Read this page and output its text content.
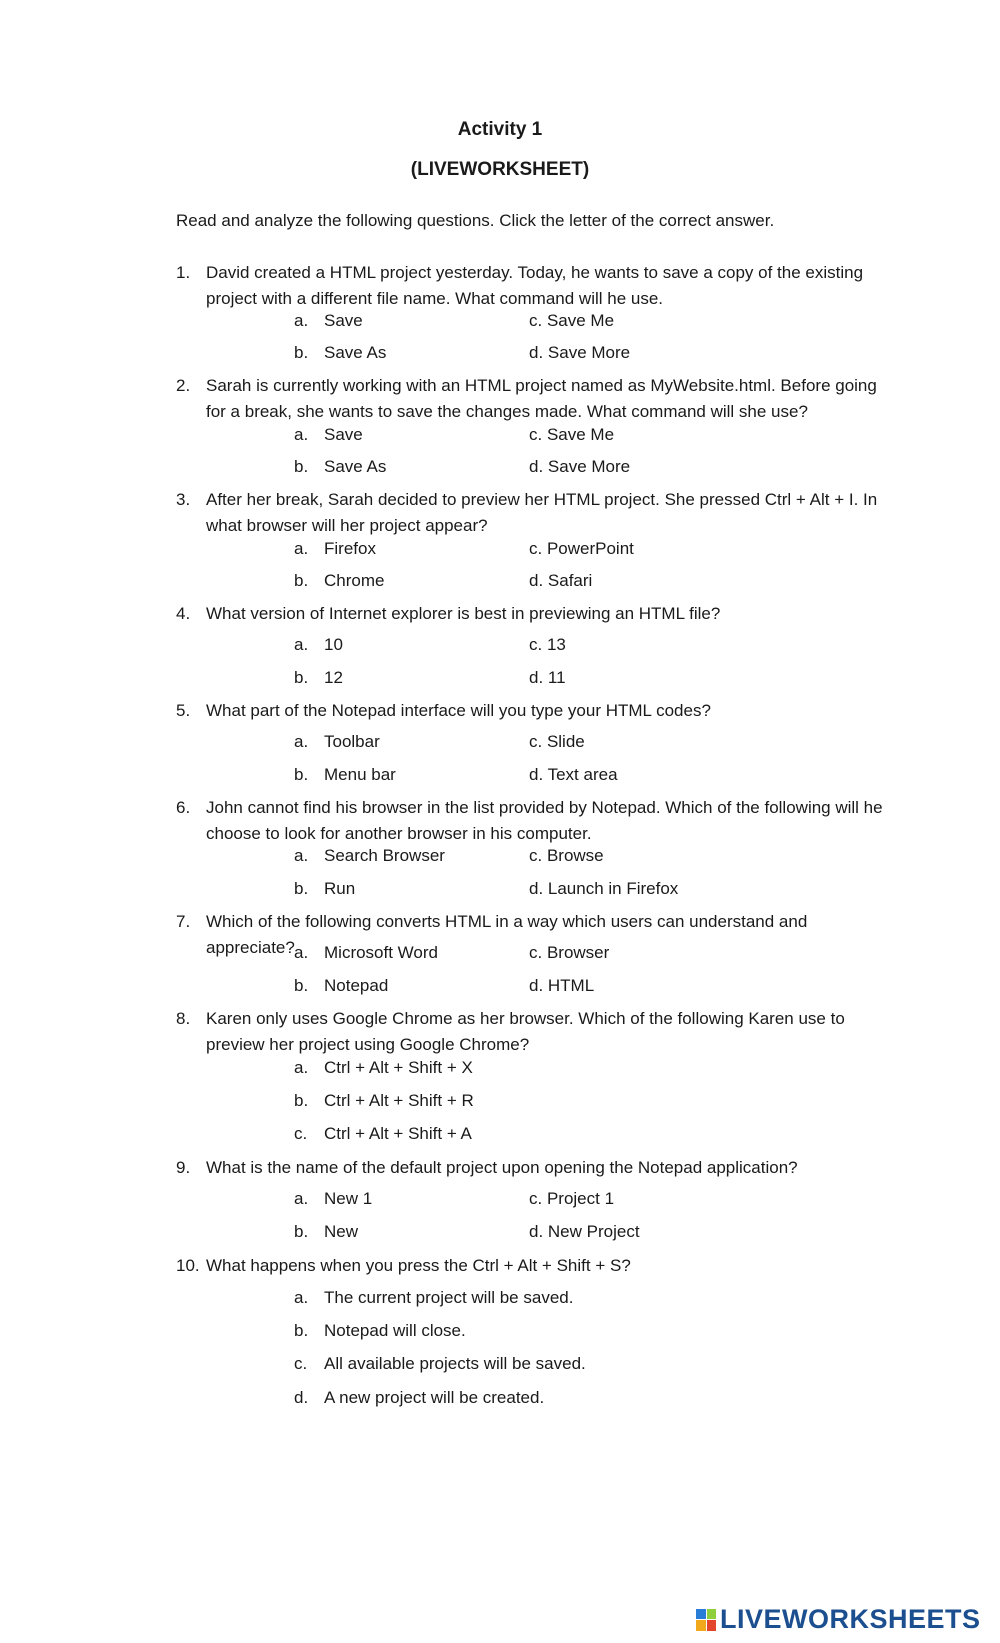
Activity 1
(LIVEWORKSHEET)
Read and analyze the following questions. Click the letter of the correct answer.
1. David created a HTML project yesterday. Today, he wants to save a copy of the existing project with a different file name. What command will he use.
a. Save	c. Save Me
b. Save As	d. Save More
2. Sarah is currently working with an HTML project named as MyWebsite.html. Before going for a break, she wants to save the changes made. What command will she use?
a. Save	c. Save Me
b. Save As	d. Save More
3. After her break, Sarah decided to preview her HTML project. She pressed Ctrl + Alt + I. In what browser will her project appear?
a. Firefox	c. PowerPoint
b. Chrome	d. Safari
4. What version of Internet explorer is best in previewing an HTML file?
a. 10	c. 13
b. 12	d. 11
5. What part of the Notepad interface will you type your HTML codes?
a. Toolbar	c. Slide
b. Menu bar	d. Text area
6. John cannot find his browser in the list provided by Notepad. Which of the following will he choose to look for another browser in his computer.
a. Search Browser	c. Browse
b. Run	d. Launch in Firefox
7. Which of the following converts HTML in a way which users can understand and appreciate? a. Microsoft Word	c. Browser
b. Notepad	d. HTML
8. Karen only uses Google Chrome as her browser. Which of the following Karen use to preview her project using Google Chrome?
a. Ctrl + Alt + Shift + X
b. Ctrl + Alt + Shift + R
c. Ctrl + Alt + Shift + A
9. What is the name of the default project upon opening the Notepad application?
a. New 1	c. Project 1
b. New	d. New Project
10. What happens when you press the Ctrl + Alt + Shift + S?
a. The current project will be saved.
b. Notepad will close.
c. All available projects will be saved.
d. A new project will be created.
LIVEWORKSHEETS
